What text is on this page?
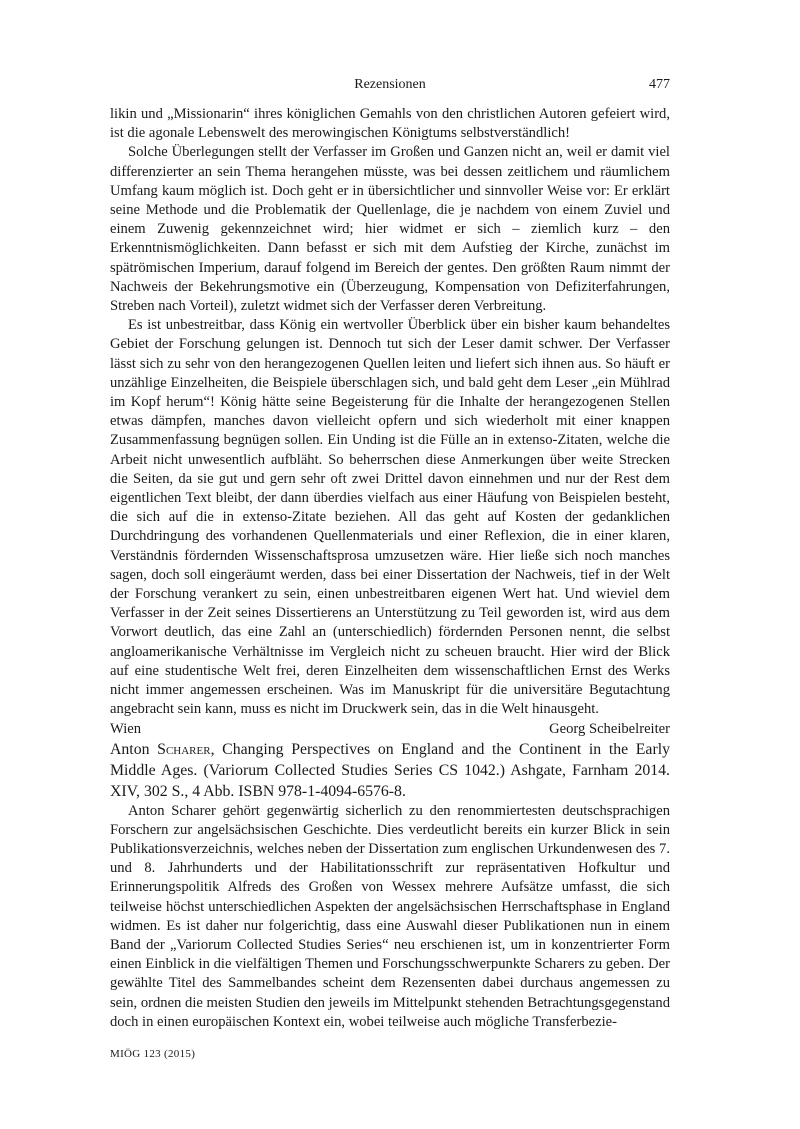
Rezensionen	477

likin und „Missionarin“ ihres königlichen Gemahls von den christlichen Autoren gefeiert wird, ist die agonale Lebenswelt des merowingischen Königtums selbstverständlich!

Solche Überlegungen stellt der Verfasser im Großen und Ganzen nicht an, weil er damit viel differenzierter an sein Thema herangehen müsste, was bei dessen zeitlichem und räumlichem Umfang kaum möglich ist. Doch geht er in übersichtlicher und sinnvoller Weise vor: Er erklärt seine Methode und die Problematik der Quellenlage, die je nachdem von einem Zuviel und einem Zuwenig gekennzeichnet wird; hier widmet er sich – ziemlich kurz – den Erkenntnismöglichkeiten. Dann befasst er sich mit dem Aufstieg der Kirche, zunächst im spätrömischen Imperium, darauf folgend im Bereich der gentes. Den größten Raum nimmt der Nachweis der Bekehrungsmotive ein (Überzeugung, Kompensation von Defiziterfahrungen, Streben nach Vorteil), zuletzt widmet sich der Verfasser deren Verbreitung.

Es ist unbestreitbar, dass König ein wertvoller Überblick über ein bisher kaum behandeltes Gebiet der Forschung gelungen ist. Dennoch tut sich der Leser damit schwer. Der Verfasser lässt sich zu sehr von den herangezogenen Quellen leiten und liefert sich ihnen aus. So häuft er unzählige Einzelheiten, die Beispiele überschlagen sich, und bald geht dem Leser „ein Mühlrad im Kopf herum“! König hätte seine Begeisterung für die Inhalte der herangezogenen Stellen etwas dämpfen, manches davon vielleicht opfern und sich wiederholt mit einer knappen Zusammenfassung begnügen sollen. Ein Unding ist die Fülle an in extenso-Zitaten, welche die Arbeit nicht unwesentlich aufbläht. So beherrschen diese Anmerkungen über weite Strecken die Seiten, da sie gut und gern sehr oft zwei Drittel davon einnehmen und nur der Rest dem eigentlichen Text bleibt, der dann überdies vielfach aus einer Häufung von Beispielen besteht, die sich auf die in extenso-Zitate beziehen. All das geht auf Kosten der gedanklichen Durchdringung des vorhandenen Quellenmaterials und einer Reflexion, die in einer klaren, Verständnis fördernden Wissenschaftsprosa umzusetzen wäre. Hier ließe sich noch manches sagen, doch soll eingeräumt werden, dass bei einer Dissertation der Nachweis, tief in der Welt der Forschung verankert zu sein, einen unbestreitbaren eigenen Wert hat. Und wieviel dem Verfasser in der Zeit seines Dissertierens an Unterstützung zu Teil geworden ist, wird aus dem Vorwort deutlich, das eine Zahl an (unterschiedlich) fördernden Personen nennt, die selbst angloamerikanische Verhältnisse im Vergleich nicht zu scheuen braucht. Hier wird der Blick auf eine studentische Welt frei, deren Einzelheiten dem wissenschaftlichen Ernst des Werks nicht immer angemessen erscheinen. Was im Manuskript für die universitäre Begutachtung angebracht sein kann, muss es nicht im Druckwerk sein, das in die Welt hinausgeht.

Wien	Georg Scheibelreiter

Anton Scharer, Changing Perspectives on England and the Continent in the Early Middle Ages. (Variorum Collected Studies Series CS 1042.) Ashgate, Farnham 2014. XIV, 302 S., 4 Abb. ISBN 978-1-4094-6576-8.

Anton Scharer gehört gegenwärtig sicherlich zu den renommiertesten deutschsprachigen Forschern zur angelsächsischen Geschichte. Dies verdeutlicht bereits ein kurzer Blick in sein Publikationsverzeichnis, welches neben der Dissertation zum englischen Urkundenwesen des 7. und 8. Jahrhunderts und der Habilitationsschrift zur repräsentativen Hofkultur und Erinnerungspolitik Alfreds des Großen von Wessex mehrere Aufsätze umfasst, die sich teilweise höchst unterschiedlichen Aspekten der angelsächsischen Herrschaftsphase in England widmen. Es ist daher nur folgerichtig, dass eine Auswahl dieser Publikationen nun in einem Band der „Variorum Collected Studies Series“ neu erschienen ist, um in konzentrierter Form einen Einblick in die vielfältigen Themen und Forschungsschwerpunkte Scharers zu geben. Der gewählte Titel des Sammelbandes scheint dem Rezensenten dabei durchaus angemessen zu sein, ordnen die meisten Studien den jeweils im Mittelpunkt stehenden Betrachtungsgegenstand doch in einen europäischen Kontext ein, wobei teilweise auch mögliche Transferbezie-

MIÖG 123 (2015)
